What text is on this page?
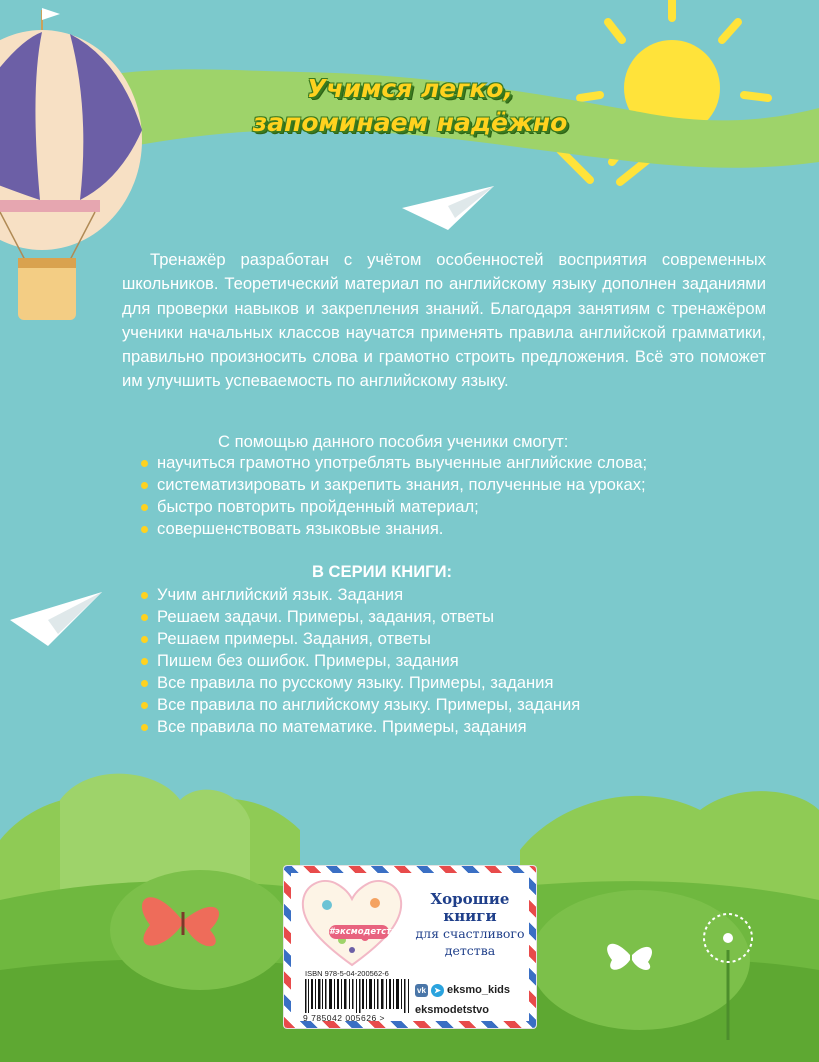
Учимся легко,
запоминаем надёжно
Тренажёр разработан с учётом особенностей восприятия современных школьников. Теоретический материал по английскому языку дополнен заданиями для проверки навыков и закрепления знаний. Благодаря занятиям с тренажёром ученики начальных классов научатся применять правила английской грамматики, правильно произносить слова и грамотно строить предложения. Всё это поможет им улучшить успеваемость по английскому языку.
С помощью данного пособия ученики смогут:
научиться грамотно употреблять выученные английские слова;
систематизировать и закрепить знания, полученные на уроках;
быстро повторить пройденный материал;
совершенствовать языковые знания.
В СЕРИИ КНИГИ:
Учим английский язык. Задания
Решаем задачи. Примеры, задания, ответы
Решаем примеры. Задания, ответы
Пишем без ошибок. Примеры, задания
Все правила по русскому языку. Примеры, задания
Все правила по английскому языку. Примеры, задания
Все правила по математике. Примеры, задания
#эксмодетство
Хорошие книги
для счастливого детства
ISBN 978-5-04-200562-6
9 785042 005626 >
vk	➤ eksmo_kids
eksmodetstvo
